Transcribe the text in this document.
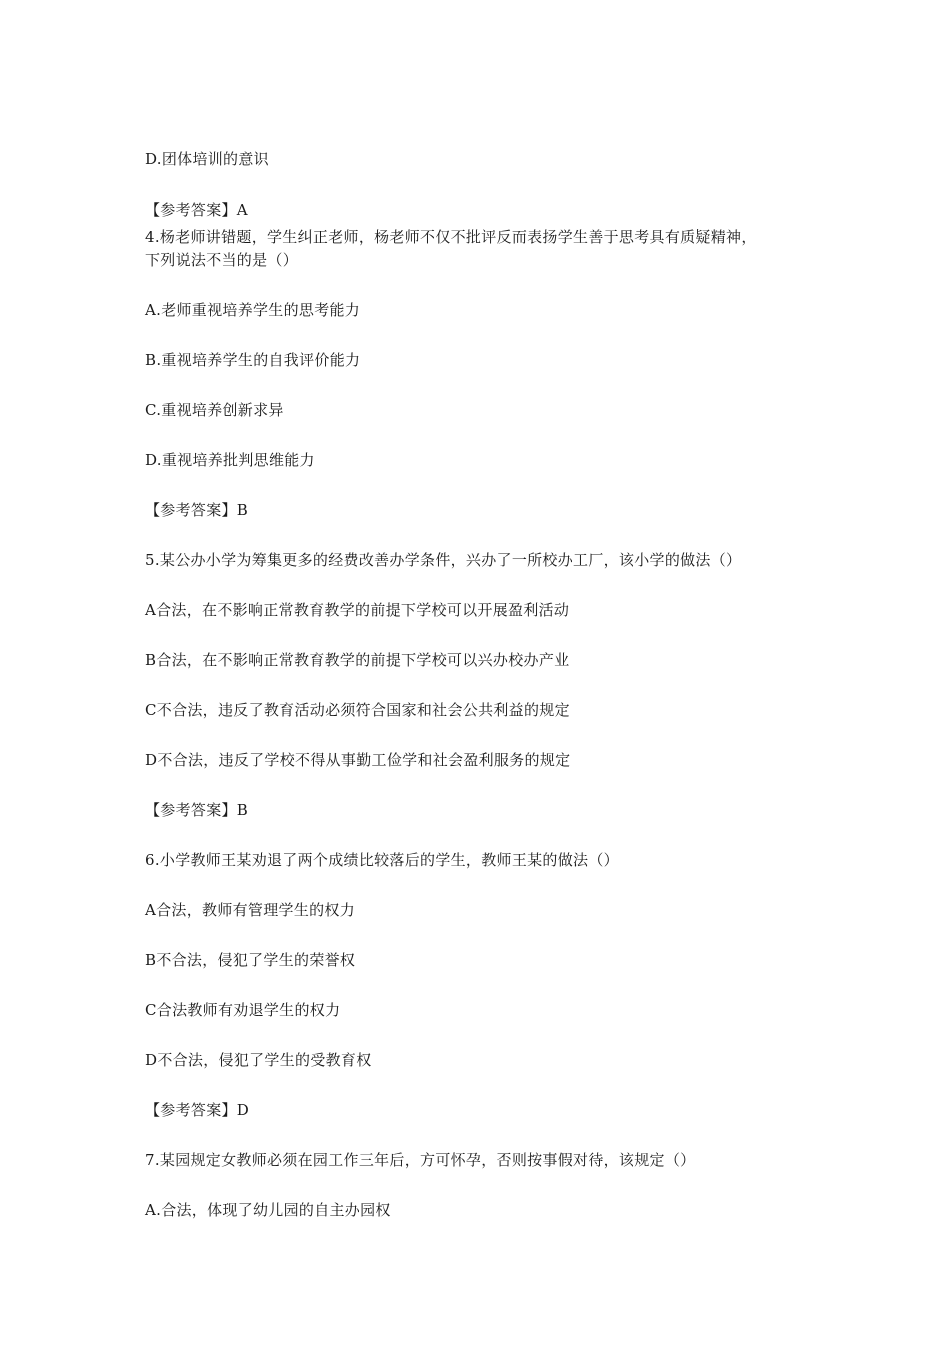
D.团体培训的意识
【参考答案】A
4.杨老师讲错题，学生纠正老师，杨老师不仅不批评反而表扬学生善于思考具有质疑精神，
下列说法不当的是（）
A.老师重视培养学生的思考能力
B.重视培养学生的自我评价能力
C.重视培养创新求异
D.重视培养批判思维能力
【参考答案】B
5.某公办小学为筹集更多的经费改善办学条件，兴办了一所校办工厂，该小学的做法（）
A合法，在不影响正常教育教学的前提下学校可以开展盈利活动
B合法，在不影响正常教育教学的前提下学校可以兴办校办产业
C不合法，违反了教育活动必须符合国家和社会公共利益的规定
D不合法，违反了学校不得从事勤工俭学和社会盈利服务的规定
【参考答案】B
6.小学教师王某劝退了两个成绩比较落后的学生，教师王某的做法（）
A合法，教师有管理学生的权力
B不合法，侵犯了学生的荣誉权
C合法教师有劝退学生的权力
D不合法，侵犯了学生的受教育权
【参考答案】D
7.某园规定女教师必须在园工作三年后，方可怀孕，否则按事假对待，该规定（）
A.合法，体现了幼儿园的自主办园权
